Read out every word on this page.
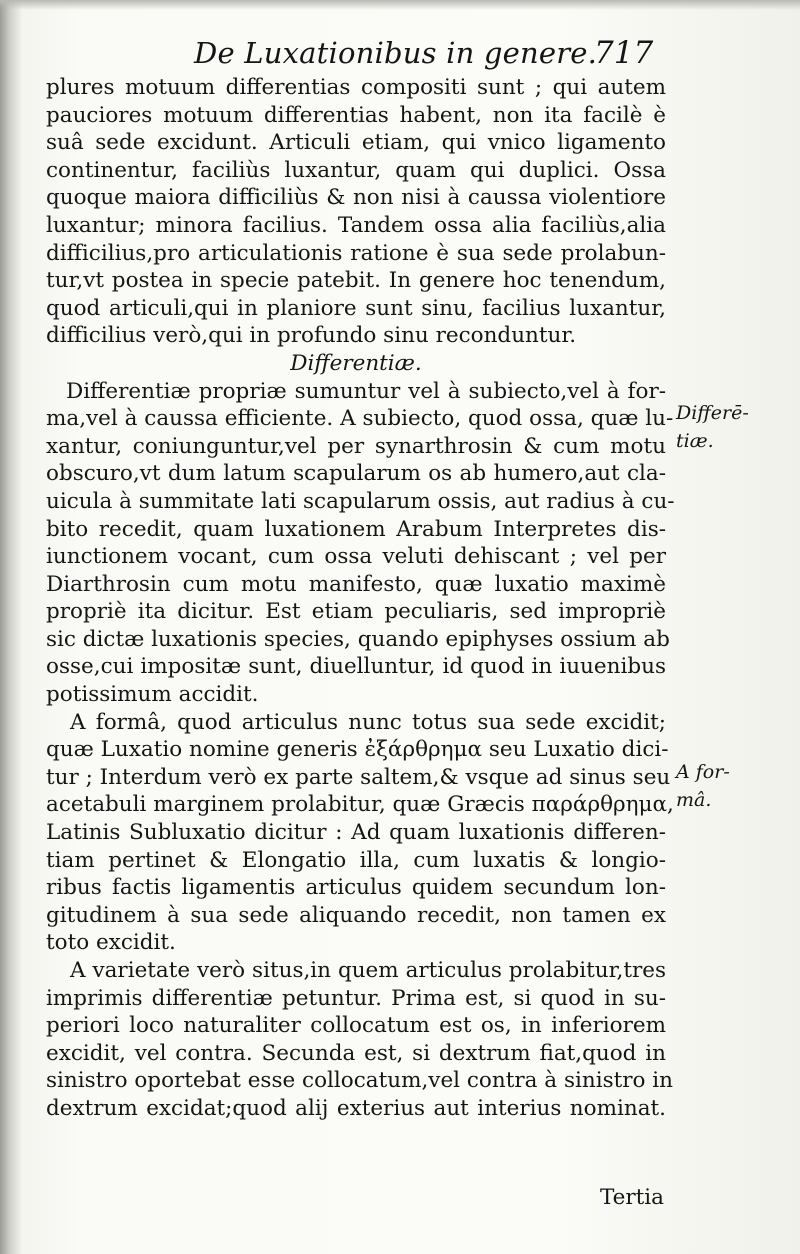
De Luxationibus in genere.
717
plures motuum differentias compositi sunt ; qui autem
pauciores motuum differentias habent, non ita facilè è
suâ sede excidunt. Articuli etiam, qui vnico ligamento
continentur, faciliùs luxantur, quam qui duplici. Ossa
quoque maiora difficiliùs & non nisi à caussa violentiore
luxantur; minora facilius. Tandem ossa alia faciliùs,alia
difficilius,pro articulationis ratione è sua sede prolabun-
tur,vt postea in specie patebit. In genere hoc tenendum,
quod articuli,qui in planiore sunt sinu, facilius luxantur,
difficilius verò,qui in profundo sinu reconduntur.
Differentiæ.
Differentiæ propriæ sumuntur vel à subiecto,vel à for-
ma,vel à caussa efficiente. A subiecto, quod ossa, quæ lu-
xantur, coniunguntur,vel per synarthrosin & cum motu
obscuro,vt dum latum scapularum os ab humero,aut cla-
uicula à summitate lati scapularum ossis, aut radius à cu-
bito recedit, quam luxationem Arabum Interpretes dis-
iunctionem vocant, cum ossa veluti dehiscant ; vel per
Diarthrosin cum motu manifesto, quæ luxatio maximè
propriè ita dicitur. Est etiam peculiaris, sed impropriè
sic dictæ luxationis species, quando epiphyses ossium ab
osse,cui impositæ sunt, diuelluntur, id quod in iuuenibus
potissimum accidit.
A formâ, quod articulus nunc totus sua sede excidit;
quæ Luxatio nomine generis ἐξάρθρημα seu Luxatio dici-
tur ; Interdum verò ex parte saltem,& vsque ad sinus seu
acetabuli marginem prolabitur, quæ Græcis παράρθρημα,
Latinis Subluxatio dicitur : Ad quam luxationis differen-
tiam pertinet & Elongatio illa, cum luxatis & longio-
ribus factis ligamentis articulus quidem secundum lon-
gitudinem à sua sede aliquando recedit, non tamen ex
toto excidit.
A varietate verò situs,in quem articulus prolabitur,tres
imprimis differentiæ petuntur. Prima est, si quod in su-
periori loco naturaliter collocatum est os, in inferiorem
excidit, vel contra. Secunda est, si dextrum fiat,quod in
sinistro oportebat esse collocatum,vel contra à sinistro in
dextrum excidat;quod alij exterius aut interius nominat.
Differē-
tiæ.
A for-
mâ.
Tertia
